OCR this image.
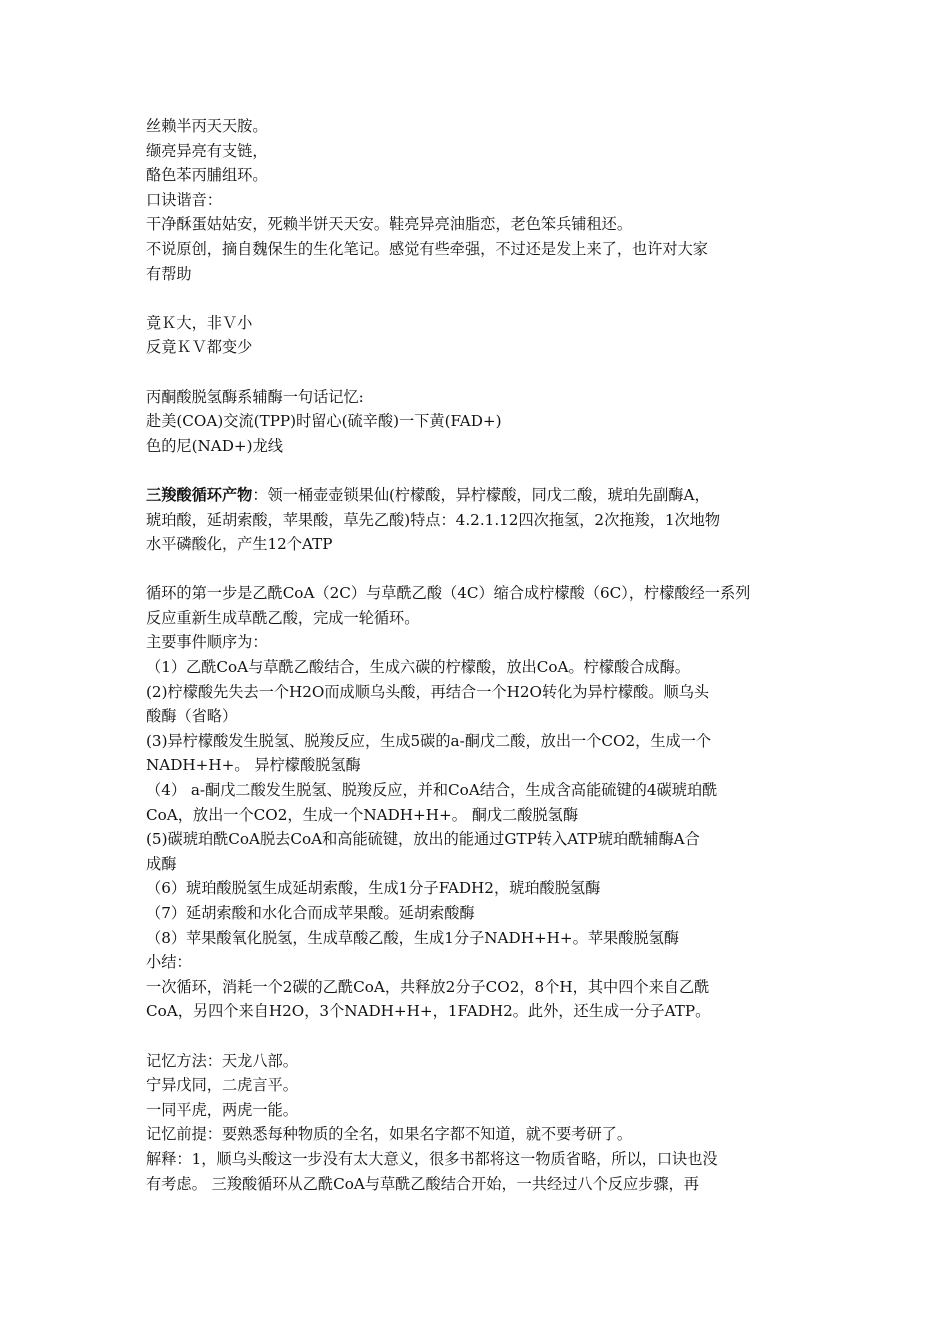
丝赖半丙天天胺。
缬亮异亮有支链，
酪色苯丙脯组环。
口诀谐音：
干净酥蛋姑姑安，死赖半饼天天安。鞋亮异亮油脂恋，老色笨兵铺租还。
不说原创，摘自魏保生的生化笔记。感觉有些牵强，不过还是发上来了，也许对大家
有帮助
竟Ｋ大，非Ｖ小
反竟ＫＶ都变少
丙酮酸脱氢酶系辅酶一句话记忆:
赴美(COA)交流(TPP)时留心(硫辛酸)一下黄(FAD+)
色的尼(NAD+)龙线
三羧酸循环产物：领一桶壶壶锁果仙(柠檬酸，异柠檬酸，同戊二酸，琥珀先副酶A，
琥珀酸，延胡索酸，苹果酸，草先乙酸)特点：4.2.1.12四次拖氢，2次拖羧，1次地物
水平磷酸化，产生12个ATP
循环的第一步是乙酰CoA（2C）与草酰乙酸（4C）缩合成柠檬酸（6C），柠檬酸经一系列
反应重新生成草酰乙酸，完成一轮循环。
主要事件顺序为：
（1）乙酰CoA与草酰乙酸结合，生成六碳的柠檬酸，放出CoA。柠檬酸合成酶。
(2)柠檬酸先失去一个H2O而成顺乌头酸，再结合一个H2O转化为异柠檬酸。顺乌头
酸酶（省略）
(3)异柠檬酸发生脱氢、脱羧反应，生成5碳的a-酮戊二酸，放出一个CO2，生成一个
NADH+H+。 异柠檬酸脱氢酶
（4） a-酮戊二酸发生脱氢、脱羧反应，并和CoA结合，生成含高能硫键的4碳琥珀酰
CoA，放出一个CO2，生成一个NADH+H+。 酮戊二酸脱氢酶
(5)碳琥珀酰CoA脱去CoA和高能硫键，放出的能通过GTP转入ATP琥珀酰辅酶A合
成酶
（6）琥珀酸脱氢生成延胡索酸，生成1分子FADH2，琥珀酸脱氢酶
（7）延胡索酸和水化合而成苹果酸。延胡索酸酶
（8）苹果酸氧化脱氢，生成草酸乙酸，生成1分子NADH+H+。苹果酸脱氢酶
小结：
一次循环，消耗一个2碳的乙酰CoA，共释放2分子CO2，8个H，其中四个来自乙酰
CoA，另四个来自H2O，3个NADH+H+，1FADH2。此外，还生成一分子ATP。
记忆方法：天龙八部。
宁异戊同，二虎言平。
一同平虎，两虎一能。
记忆前提：要熟悉每种物质的全名，如果名字都不知道，就不要考研了。
解释：1，顺乌头酸这一步没有太大意义，很多书都将这一物质省略，所以，口诀也没
有考虑。 三羧酸循环从乙酰CoA与草酰乙酸结合开始，一共经过八个反应步骤，再
